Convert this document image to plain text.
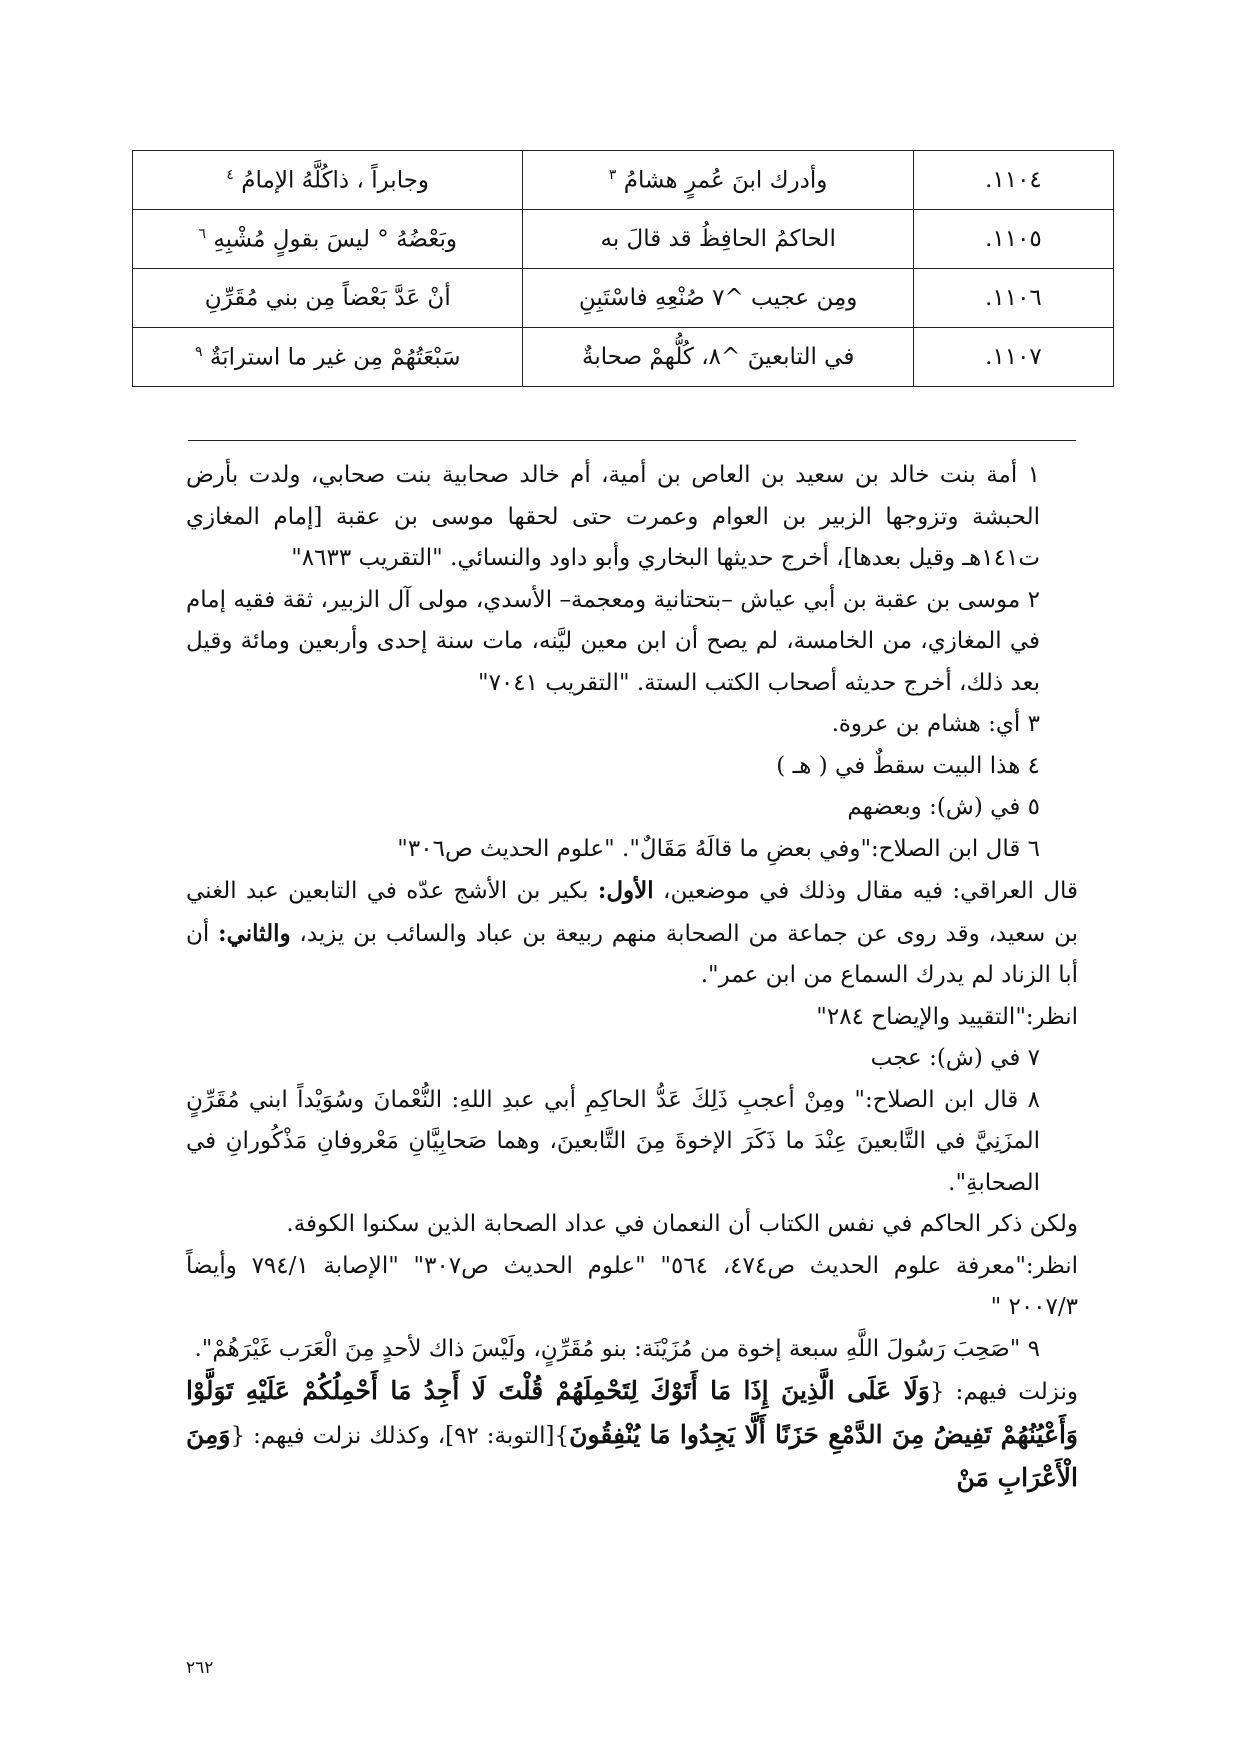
١١٠٤.	وأدرك ابنَ عُمرٍ هشامُ $^٣$	وجابراً ، ذاكُلَّهُ الإمامُ $^٤$
١١٠٥.	الحاكمُ الحافِظُ قد قالَ به	وبَعْضُهُ ° ليسَ بقولٍ مُشْبِهِ $^٦$
١١٠٦.	ومِن عجيب ^٧ صُنْعِهِ فاسْتَبِنِ	أنْ عَدَّ بَعْضاً مِن بني مُقَرِّنِ
١١٠٧.	في التابعينَ ^٨، كُلُّهمْ صحابةٌ	سَبْعَتُهُمْ مِن غير ما استرابَةٌ $^٩$

١ أمة بنت خالد بن سعيد بن العاص بن أمية، أم خالد صحابية بنت صحابي، ولدت بأرض الحبشة وتزوجها الزبير بن العوام وعمرت حتى لحقها موسى بن عقبة [إمام المغازي ت١٤١هـ وقيل بعدها]، أخرج حديثها البخاري وأبو داود والنسائي. "التقريب ٨٦٣٣"

٢ موسى بن عقبة بن أبي عياش –بتحتانية ومعجمة– الأسدي، مولى آل الزبير، ثقة فقيه إمام في المغازي، من الخامسة، لم يصح أن ابن معين ليَّنه، مات سنة إحدى وأربعين ومائة وقيل بعد ذلك، أخرج حديثه أصحاب الكتب الستة. "التقريب ٧٠٤١"

٣ أي: هشام بن عروة.

٤ هذا البيت سقطٌ في ( هـ )

٥ في (ش): وبعضهم

٦ قال ابن الصلاح:"وفي بعضِ ما قالَهُ مَقَالٌ". "علوم الحديث ص٣٠٦"

قال العراقي: فيه مقال وذلك في موضعين، الأول: بكير بن الأشج عدّه في التابعين عبد الغني بن سعيد، وقد روى عن جماعة من الصحابة منهم ربيعة بن عباد والسائب بن يزيد، والثاني: أن أبا الزناد لم يدرك السماع من ابن عمر".

انظر:"التقييد والإيضاح ٢٨٤"

٧ في (ش): عجب

٨ قال ابن الصلاح:" ومِنْ أعجبِ ذَلِكَ عَدُّ الحاكِمِ أبي عبدِ اللهِ: النُّعْمانَ وسُوَيْداً ابني مُقَرِّنٍ المزَنِيَّ في التَّابعينَ عِنْدَ ما ذَكَرَ الإخوةَ مِنَ التَّابعينَ، وهما صَحابِيَّانِ مَعْروفانِ مَذْكُورانِ في الصحابةِ".

ولكن ذكر الحاكم في نفس الكتاب أن النعمان في عداد الصحابة الذين سكنوا الكوفة.

انظر:"معرفة علوم الحديث ص٤٧٤، ٥٦٤" "علوم الحديث ص٣٠٧" "الإصابة ٧٩٤/١ وأيضاً ٢٠٠٧/٣ "

٩ "صَحِبَ رَسُولَ اللَّهِ سبعة إخوة من مُزَيْنَة: بنو مُقَرِّنٍ، ولَيْسَ ذاك لأحدٍ مِنَ الْعَرَب غَيْرَهُمْ".

ونزلت فيهم: {وَلَا عَلَى الَّذِينَ إِذَا مَا أَتَوْكَ لِتَحْمِلَهُمْ قُلْتَ لَا أَجِدُ مَا أَحْمِلُكُمْ عَلَيْهِ تَوَلَّوْا وَأَعْيُنُهُمْ تَفِيضُ مِنَ الدَّمْعِ حَزَنًا أَلَّا يَجِدُوا مَا يُنْفِقُونَ}[التوبة: ٩٢]، وكذلك نزلت فيهم: {وَمِنَ الْأَعْرَابِ مَنْ

٢٦٢
